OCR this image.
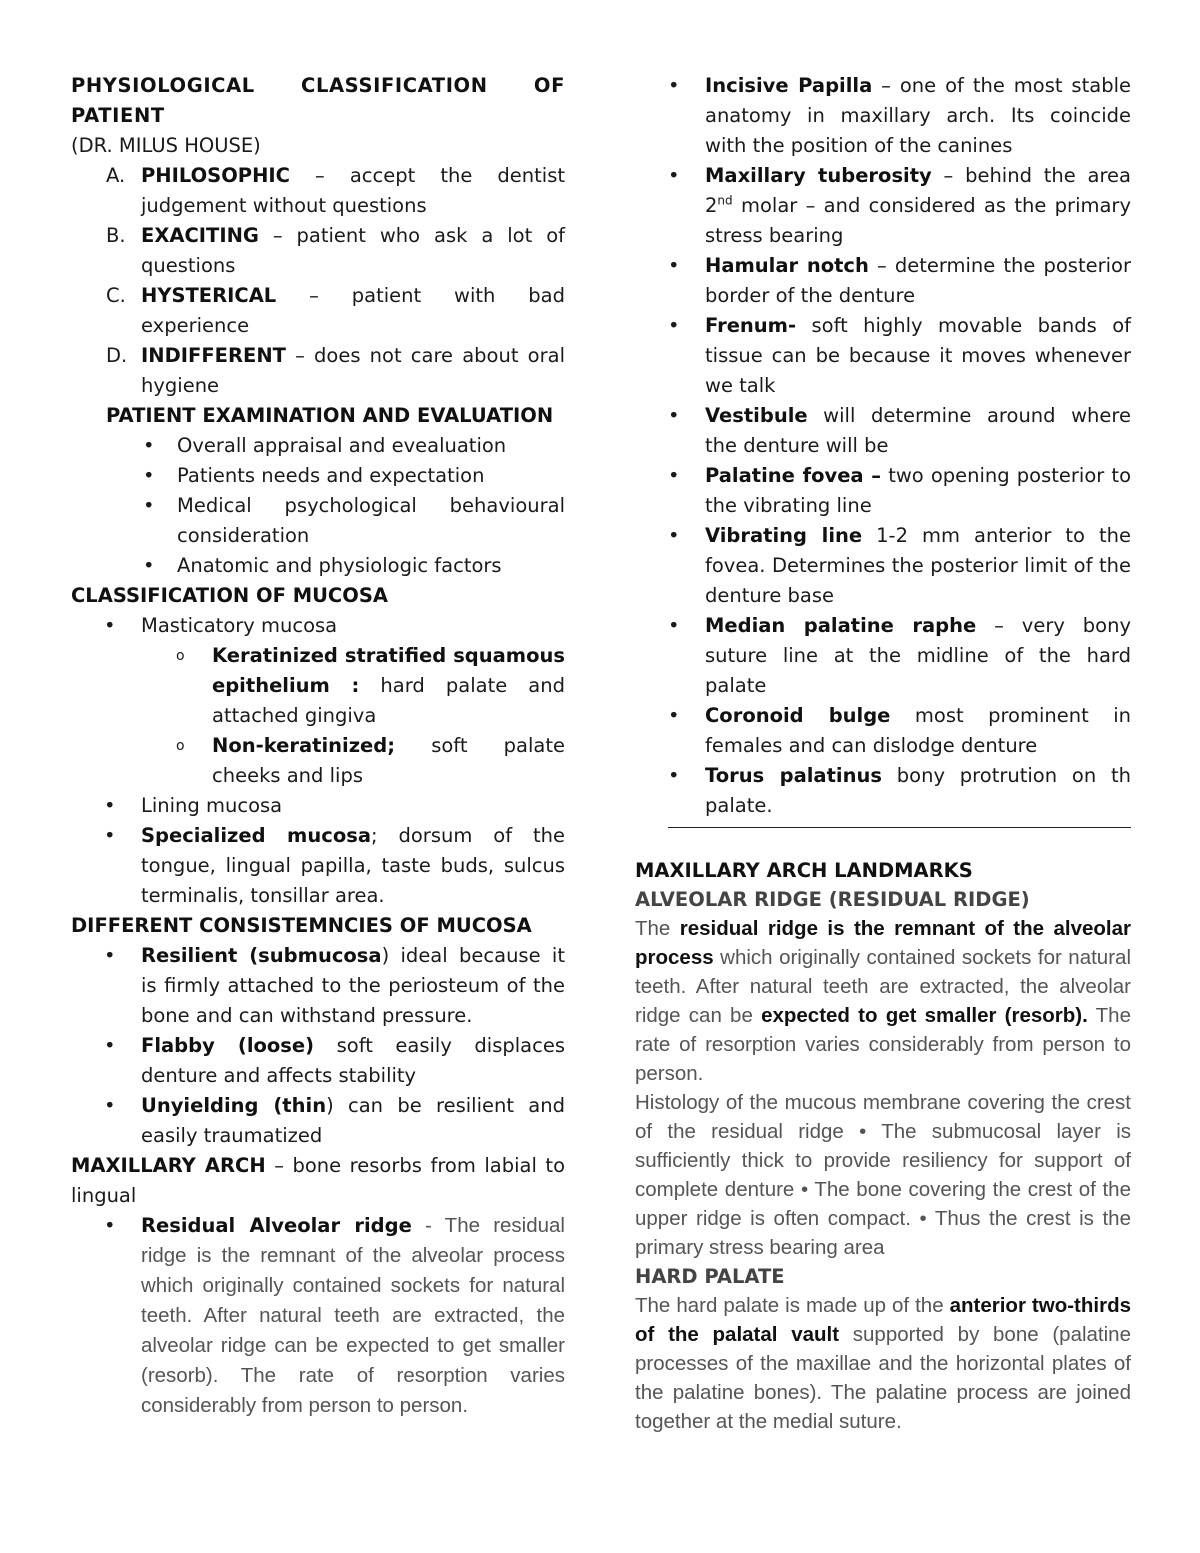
PHYSIOLOGICAL CLASSIFICATION OF PATIENT

(DR. MILUS HOUSE)

A. PHILOSOPHIC – accept the dentist judgement without questions
B. EXACITING – patient who ask a lot of questions
C. HYSTERICAL – patient with bad experience
D. INDIFFERENT – does not care about oral hygiene

PATIENT EXAMINATION AND EVALUATION

•	Overall appraisal and evealuation
•	Patients needs and expectation
•	Medical psychological behavioural consideration
•	Anatomic and physiologic factors

CLASSIFICATION OF MUCOSA

•	Masticatory mucosa
o	Keratinized stratified squamous epithelium : hard palate and attached gingiva
o	Non-keratinized; soft palate cheeks and lips
•	Lining mucosa
•	Specialized mucosa; dorsum of the tongue, lingual papilla, taste buds, sulcus terminalis, tonsillar area.

DIFFERENT CONSISTEMNCIES OF MUCOSA

•	Resilient (submucosa) ideal because it is firmly attached to the periosteum of the bone and can withstand pressure.
•	Flabby (loose) soft easily displaces denture and affects stability
•	Unyielding (thin) can be resilient and easily traumatized

MAXILLARY ARCH – bone resorbs from labial to lingual

•	Residual Alveolar ridge - The residual ridge is the remnant of the alveolar process which originally contained sockets for natural teeth. After natural teeth are extracted, the alveolar ridge can be expected to get smaller (resorb). The rate of resorption varies considerably from person to person.
•	Incisive Papilla – one of the most stable anatomy in maxillary arch. Its coincide with the position of the canines
•	Maxillary tuberosity – behind the area 2nd molar – and considered as the primary stress bearing
•	Hamular notch – determine the posterior border of the denture
•	Frenum- soft highly movable bands of tissue can be because it moves whenever we talk
•	Vestibule will determine around where the denture will be
•	Palatine fovea – two opening posterior to the vibrating line
•	Vibrating line 1-2 mm anterior to the fovea. Determines the posterior limit of the denture base
•	Median palatine raphe – very bony suture line at the midline of the hard palate
•	Coronoid bulge most prominent in females and can dislodge denture
•	Torus palatinus bony protrution on th palate.

MAXILLARY ARCH LANDMARKS

ALVEOLAR RIDGE (RESIDUAL RIDGE)

The residual ridge is the remnant of the alveolar process which originally contained sockets for natural teeth. After natural teeth are extracted, the alveolar ridge can be expected to get smaller (resorb). The rate of resorption varies considerably from person to person.

Histology of the mucous membrane covering the crest of the residual ridge • The submucosal layer is sufficiently thick to provide resiliency for support of complete denture • The bone covering the crest of the upper ridge is often compact. • Thus the crest is the primary stress bearing area

HARD PALATE

The hard palate is made up of the anterior two-thirds of the palatal vault supported by bone (palatine processes of the maxillae and the horizontal plates of the palatine bones). The palatine process are joined together at the medial suture.
